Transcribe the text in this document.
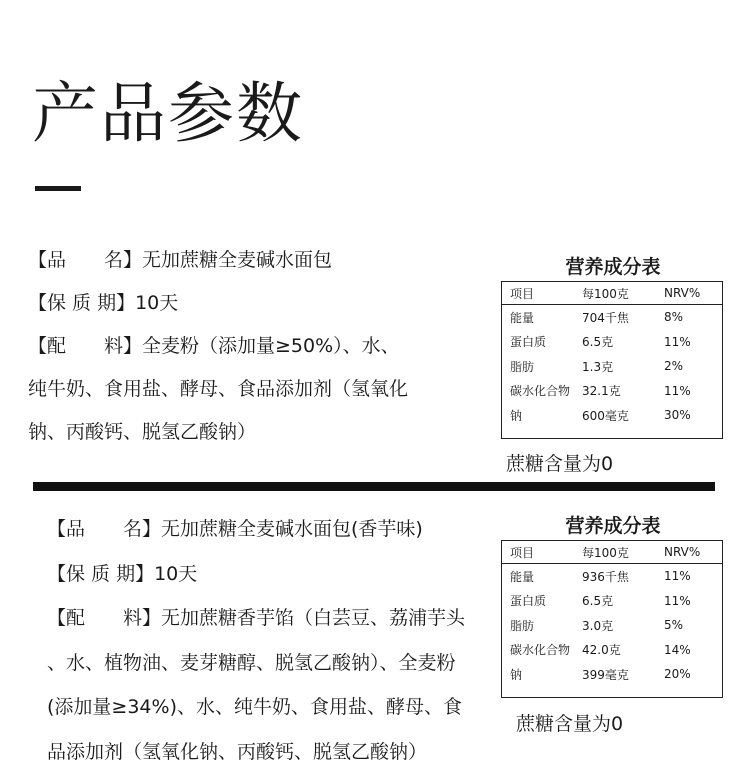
产品参数

【品　　名】无加蔗糖全麦碱水面包

【保 质 期】10天

【配　　料】全麦粉（添加量≥50%）、水、

纯牛奶、食用盐、酵母、食品添加剂（氢氧化

钠、丙酸钙、脱氢乙酸钠）

营养成分表
项目	每100克	NRV%
能量	704千焦	8%
蛋白质	6.5克	11%
脂肪	1.3克	2%
碳水化合物 32.1克	11%
钠	600毫克	30%
蔗糖含量为0

【品　　名】无加蔗糖全麦碱水面包(香芋味)

【保 质 期】10天

【配　　料】无加蔗糖香芋馅（白芸豆、荔浦芋头

、水、植物油、麦芽糖醇、脱氢乙酸钠）、全麦粉

(添加量≥34%)、水、纯牛奶、食用盐、酵母、食

品添加剂（氢氧化钠、丙酸钙、脱氢乙酸钠）

营养成分表
项目	每100克	NRV%
能量	936千焦	11%
蛋白质	6.5克	11%
脂肪	3.0克	5%
碳水化合物 42.0克	14%
钠	399毫克	20%
蔗糖含量为0
